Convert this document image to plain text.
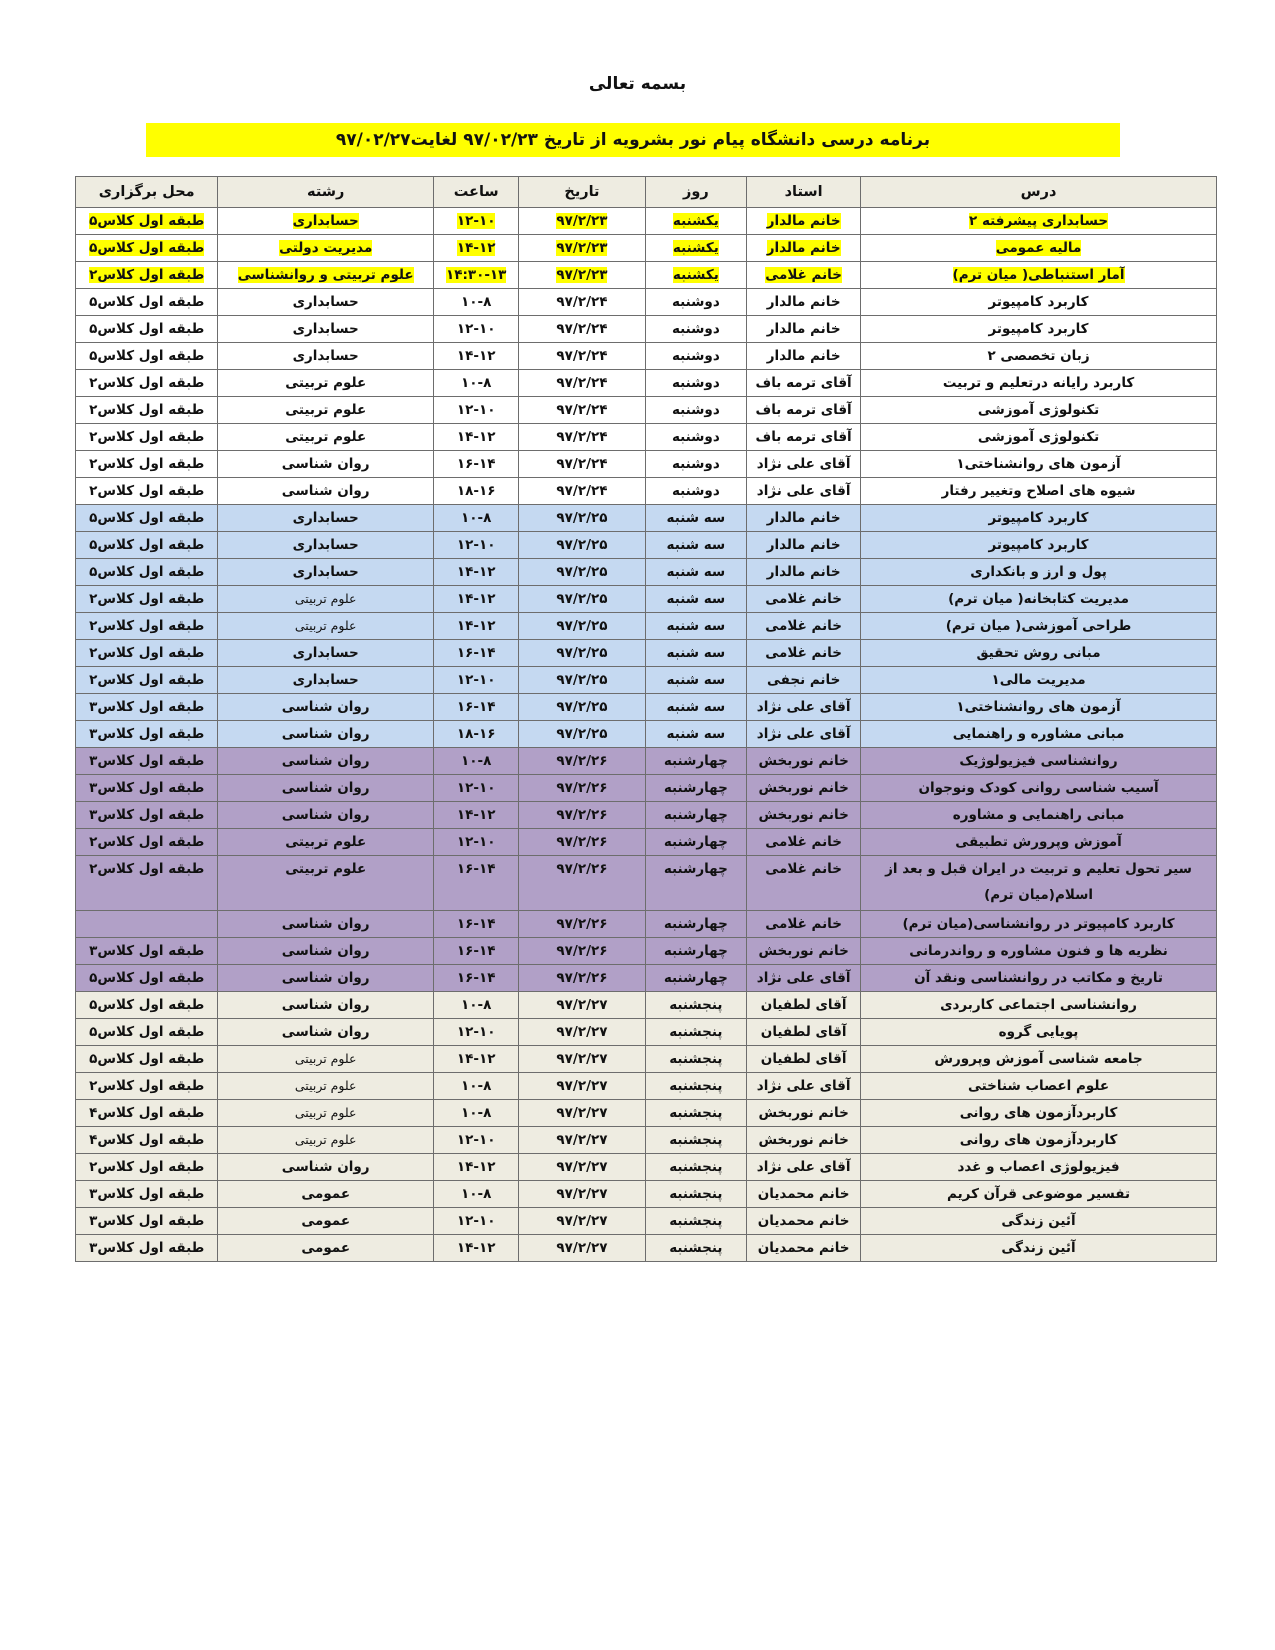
بسمه تعالی
برنامه درسی دانشگاه پیام نور بشرویه از تاریخ ۹۷/۰۲/۲۳ لغایت۹۷/۰۲/۲۷
درس	استاد	روز	تاریخ	ساعت	رشته	محل برگزاری
حسابداری پیشرفته ۲	خانم مالدار	یکشنبه	۹۷/۲/۲۳	۱۲-۱۰	حسابداری	طبقه اول کلاس۵
مالیه عمومی	خانم مالدار	یکشنبه	۹۷/۲/۲۳	۱۴-۱۲	مدیریت دولتی	طبقه اول کلاس۵
آمار استنباطی( میان ترم)	خانم غلامی	یکشنبه	۹۷/۲/۲۳	۱۴:۳۰-۱۳	علوم تربیتی و روانشناسی	طبقه اول کلاس۲
کاربرد کامپیوتر	خانم مالدار	دوشنبه	۹۷/۲/۲۴	۱۰-۸	حسابداری	طبقه اول کلاس۵
کاربرد کامپیوتر	خانم مالدار	دوشنبه	۹۷/۲/۲۴	۱۲-۱۰	حسابداری	طبقه اول کلاس۵
زبان تخصصی ۲	خانم مالدار	دوشنبه	۹۷/۲/۲۴	۱۴-۱۲	حسابداری	طبقه اول کلاس۵
کاربرد رایانه درتعلیم و تربیت	آقای ترمه باف	دوشنبه	۹۷/۲/۲۴	۱۰-۸	علوم تربیتی	طبقه اول کلاس۲
تکنولوژی آموزشی	آقای ترمه باف	دوشنبه	۹۷/۲/۲۴	۱۲-۱۰	علوم تربیتی	طبقه اول کلاس۲
تکنولوژی آموزشی	آقای ترمه باف	دوشنبه	۹۷/۲/۲۴	۱۴-۱۲	علوم تربیتی	طبقه اول کلاس۲
آزمون های روانشناختی۱	آقای علی نژاد	دوشنبه	۹۷/۲/۲۴	۱۶-۱۴	روان شناسی	طبقه اول کلاس۲
شیوه های اصلاح وتغییر رفتار	آقای علی نژاد	دوشنبه	۹۷/۲/۲۴	۱۸-۱۶	روان شناسی	طبقه اول کلاس۲
کاربرد کامپیوتر	خانم مالدار	سه شنبه	۹۷/۲/۲۵	۱۰-۸	حسابداری	طبقه اول کلاس۵
کاربرد کامپیوتر	خانم مالدار	سه شنبه	۹۷/۲/۲۵	۱۲-۱۰	حسابداری	طبقه اول کلاس۵
پول و ارز و بانکداری	خانم مالدار	سه شنبه	۹۷/۲/۲۵	۱۴-۱۲	حسابداری	طبقه اول کلاس۵
مدیریت کتابخانه( میان ترم)	خانم غلامی	سه شنبه	۹۷/۲/۲۵	۱۴-۱۲	علوم تربیتی	طبقه اول کلاس۲
طراحی آموزشی( میان ترم)	خانم غلامی	سه شنبه	۹۷/۲/۲۵	۱۴-۱۲	علوم تربیتی	طبقه اول کلاس۲
مبانی روش تحقیق	خانم غلامی	سه شنبه	۹۷/۲/۲۵	۱۶-۱۴	حسابداری	طبقه اول کلاس۲
مدیریت مالی۱	خانم نجفی	سه شنبه	۹۷/۲/۲۵	۱۲-۱۰	حسابداری	طبقه اول کلاس۲
آزمون های روانشناختی۱	آقای علی نژاد	سه شنبه	۹۷/۲/۲۵	۱۶-۱۴	روان شناسی	طبقه اول کلاس۳
مبانی مشاوره و راهنمایی	آقای علی نژاد	سه شنبه	۹۷/۲/۲۵	۱۸-۱۶	روان شناسی	طبقه اول کلاس۳
روانشناسی فیزیولوژیک	خانم نوربخش	چهارشنبه	۹۷/۲/۲۶	۱۰-۸	روان شناسی	طبقه اول کلاس۳
آسیب شناسی روانی کودک ونوجوان	خانم نوربخش	چهارشنبه	۹۷/۲/۲۶	۱۲-۱۰	روان شناسی	طبقه اول کلاس۳
مبانی راهنمایی و مشاوره	خانم نوربخش	چهارشنبه	۹۷/۲/۲۶	۱۴-۱۲	روان شناسی	طبقه اول کلاس۳
آموزش وپرورش تطبیقی	خانم غلامی	چهارشنبه	۹۷/۲/۲۶	۱۲-۱۰	علوم تربیتی	طبقه اول کلاس۲
سیر تحول تعلیم و تربیت در ایران قبل و بعد از اسلام(میان ترم)	خانم غلامی	چهارشنبه	۹۷/۲/۲۶	۱۶-۱۴	علوم تربیتی	طبقه اول کلاس۲
کاربرد کامپیوتر در روانشناسی(میان ترم)	خانم غلامی	چهارشنبه	۹۷/۲/۲۶	۱۶-۱۴	روان شناسی	
نظریه ها و فنون مشاوره و رواندرمانی	خانم نوربخش	چهارشنبه	۹۷/۲/۲۶	۱۶-۱۴	روان شناسی	طبقه اول کلاس۳
تاریخ و مکاتب در روانشناسی ونقد آن	آقای علی نژاد	چهارشنبه	۹۷/۲/۲۶	۱۶-۱۴	روان شناسی	طبقه اول کلاس۵
روانشناسی اجتماعی کاربردی	آقای لطفیان	پنجشنبه	۹۷/۲/۲۷	۱۰-۸	روان شناسی	طبقه اول کلاس۵
پویایی گروه	آقای لطفیان	پنجشنبه	۹۷/۲/۲۷	۱۲-۱۰	روان شناسی	طبقه اول کلاس۵
جامعه شناسی آموزش وپرورش	آقای لطفیان	پنجشنبه	۹۷/۲/۲۷	۱۴-۱۲	علوم تربیتی	طبقه اول کلاس۵
علوم اعصاب شناختی	آقای علی نژاد	پنجشنبه	۹۷/۲/۲۷	۱۰-۸	علوم تربیتی	طبقه اول کلاس۲
کاربردآزمون های روانی	خانم نوربخش	پنجشنبه	۹۷/۲/۲۷	۱۰-۸	علوم تربیتی	طبقه اول کلاس۴
کاربردآزمون های روانی	خانم نوربخش	پنجشنبه	۹۷/۲/۲۷	۱۲-۱۰	علوم تربیتی	طبقه اول کلاس۴
فیزیولوژی اعصاب و غدد	آقای علی نژاد	پنجشنبه	۹۷/۲/۲۷	۱۴-۱۲	روان شناسی	طبقه اول کلاس۲
تفسیر موضوعی قرآن کریم	خانم محمدیان	پنجشنبه	۹۷/۲/۲۷	۱۰-۸	عمومی	طبقه اول کلاس۳
آئین زندگی	خانم محمدیان	پنجشنبه	۹۷/۲/۲۷	۱۲-۱۰	عمومی	طبقه اول کلاس۳
آئین زندگی	خانم محمدیان	پنجشنبه	۹۷/۲/۲۷	۱۴-۱۲	عمومی	طبقه اول کلاس۳
